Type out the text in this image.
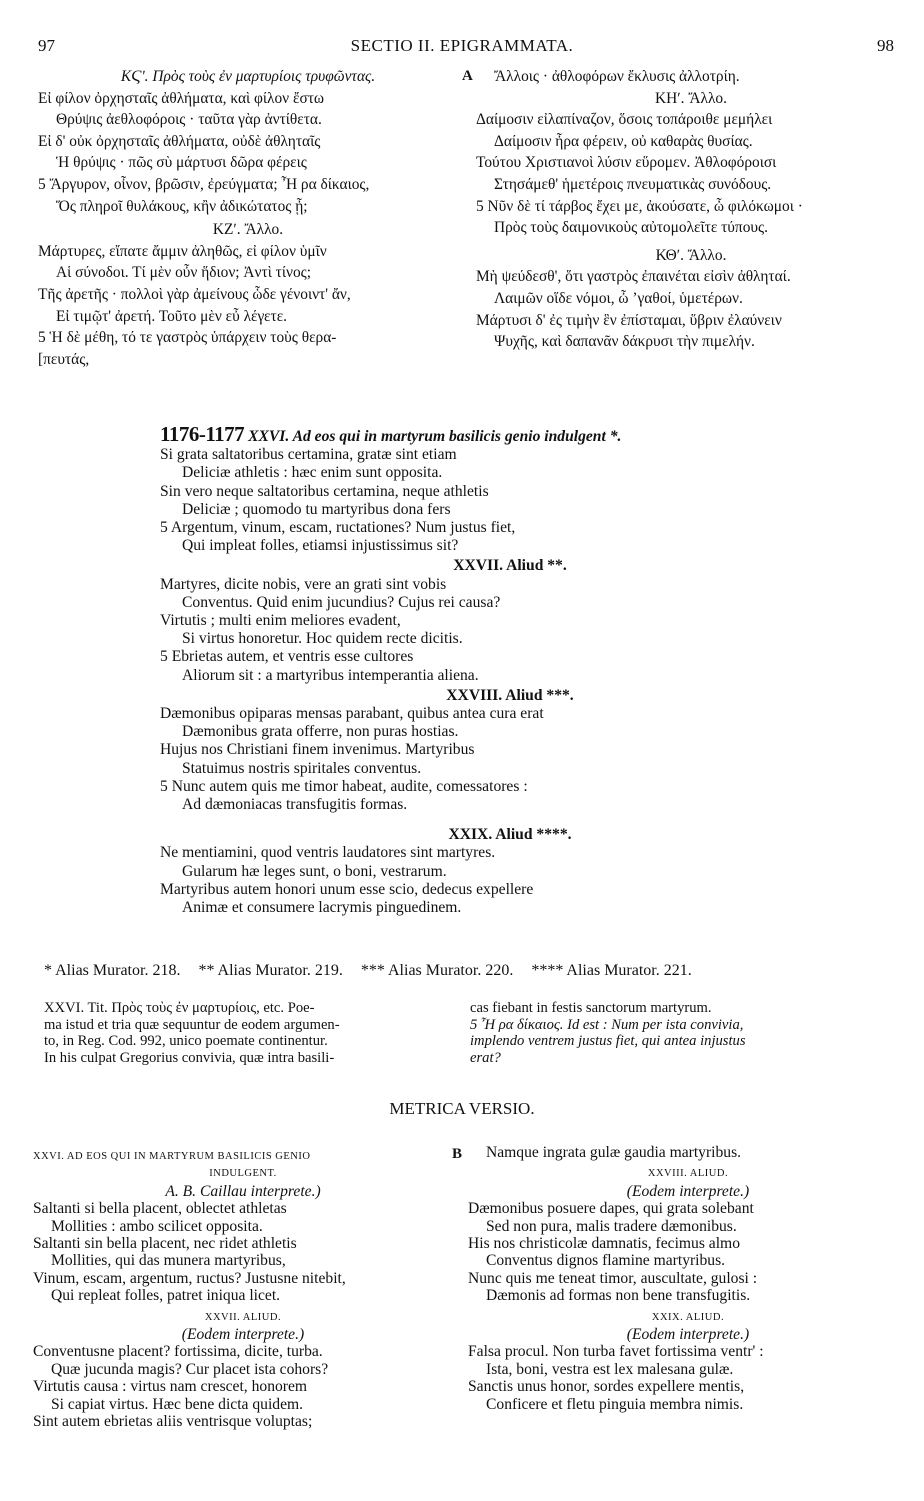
97	SECTIO II. EPIGRAMMATA.	98

ΚϚʹ. Πρὸς τοὺς ἐν μαρτυρίοις τρυφῶντας.

Εἰ φίλον ὀρχησταῖς ἀθλήματα, καὶ φίλον ἔστω

Θρύψις ἀεθλοφόροις · ταῦτα γὰρ ἀντίθετα.

Εἰ δ' οὐκ ὀρχησταῖς ἀθλήματα, οὐδὲ ἀθληταῖς

Ἡ θρύψις · πῶς σὺ μάρτυσι δῶρα φέρεις

5 Ἄργυρον, οἶνον, βρῶσιν, ἐρεύγματα; Ἦ ρα δίκαιος,

Ὅς πληροῖ θυλάκους, κἢν ἀδικώτατος ᾖ;

ΚΖʹ. Ἄλλο.

Μάρτυρες, εἴπατε ἄμμιν ἀληθῶς, εἰ φίλον ὑμῖν

Αἱ σύνοδοι. Τί μὲν οὖν ἥδιον; Ἀντὶ τίνος;

Τῆς ἀρετῆς · πολλοὶ γὰρ ἀμείνους ὧδε γένοιντ' ἄν,

Εἰ τιμῷτ' ἀρετή. Τοῦτο μὲν εὖ λέγετε.

5 Ἡ δὲ μέθη, τό τε γαστρὸς ὑπάρχειν τοὺς θερα-

[πευτάς,

A	Ἄλλοις · ἀθλοφόρων ἔκλυσις ἀλλοτρίη.

ΚΗʹ. Ἄλλο.

Δαίμοσιν εἰλαπίναζον, ὅσοις τοπάροιθε μεμήλει

Δαίμοσιν ἦρα φέρειν, οὐ καθαρὰς θυσίας.

Τούτου Χριστιανοὶ λύσιν εὕρομεν. Ἀθλοφόροισι

Στησάμεθ' ἡμετέροις πνευματικὰς συνόδους.

5 Νῦν δὲ τί τάρβος ἔχει με, ἀκούσατε, ὦ φιλόκωμοι ·

Πρὸς τοὺς δαιμονικοὺς αὐτομολεῖτε τύπους.

ΚΘʹ. Ἄλλο.

Μὴ ψεύδεσθ', ὅτι γαστρὸς ἐπαινέται εἰσὶν ἀθληταί.

Λαιμῶν οἵδε νόμοι, ὦ ʼγαθοί, ὑμετέρων.

Μάρτυσι δ' ἐς τιμὴν ἓν ἐπίσταμαι, ὕβριν ἐλαύνειν

Ψυχῆς, καὶ δαπανᾶν δάκρυσι τὴν πιμελήν.

1176-1177 XXVI. Ad eos qui in martyrum basilicis genio indulgent *.

Si grata saltatoribus certamina, gratæ sint etiam

Deliciæ athletis : hæc enim sunt opposita.

Sin vero neque saltatoribus certamina, neque athletis

Deliciæ ; quomodo tu martyribus dona fers

5 Argentum, vinum, escam, ructationes? Num justus fiet,

Qui impleat folles, etiamsi injustissimus sit?

XXVII. Aliud **.

Martyres, dicite nobis, vere an grati sint vobis

Conventus. Quid enim jucundius? Cujus rei causa?

Virtutis ; multi enim meliores evadent,

Si virtus honoretur. Hoc quidem recte dicitis.

5 Ebrietas autem, et ventris esse cultores

Aliorum sit : a martyribus intemperantia aliena.

XXVIII. Aliud ***.

Dæmonibus opiparas mensas parabant, quibus antea cura erat

Dæmonibus grata offerre, non puras hostias.

Hujus nos Christiani finem invenimus. Martyribus

Statuimus nostris spiritales conventus.

5 Nunc autem quis me timor habeat, audite, comessatores :

Ad dæmoniacas transfugitis formas.

XXIX. Aliud ****.

Ne mentiamini, quod ventris laudatores sint martyres.

Gularum hæ leges sunt, o boni, vestrarum.

Martyribus autem honori unum esse scio, dedecus expellere

Animæ et consumere lacrymis pinguedinem.

* Alias Murator. 218. ** Alias Murator. 219. *** Alias Murator. 220. **** Alias Murator. 221.

XXVI. Tit. Πρὸς τοὺς ἐν μαρτυρίοις, etc. Poe-

ma istud et tria quæ sequuntur de eodem argumen-

to, in Reg. Cod. 992, unico poemate continentur.

In his culpat Gregorius convivia, quæ intra basili-

cas fiebant in festis sanctorum martyrum.

5 Ἦ ρα δίκαιος. Id est : Num per ista convivia,

implendo ventrem justus fiet, qui antea injustus

erat?

METRICA VERSIO.

XXVI. AD EOS QUI IN MARTYRUM BASILICIS GENIO

INDULGENT.

A. B. Caillau interprete.)

Saltanti si bella placent, oblectet athletas

Mollities : ambo scilicet opposita.

Saltanti sin bella placent, nec ridet athletis

Mollities, qui das munera martyribus,

Vinum, escam, argentum, ructus? Justusne nitebit,

Qui repleat folles, patret iniqua licet.

XXVII. ALIUD.

(Eodem interprete.)

Conventusne placent? fortissima, dicite, turba.

Quæ jucunda magis? Cur placet ista cohors?

Virtutis causa : virtus nam crescet, honorem

Si capiat virtus. Hæc bene dicta quidem.

Sint autem ebrietas aliis ventrisque voluptas;

B	Namque ingrata gulæ gaudia martyribus.

XXVIII. ALIUD.

(Eodem interprete.)

Dæmonibus posuere dapes, qui grata solebant

Sed non pura, malis tradere dæmonibus.

His nos christicolæ damnatis, fecimus almo

Conventus dignos flamine martyribus.

Nunc quis me teneat timor, auscultate, gulosi :

Dæmonis ad formas non bene transfugitis.

XXIX. ALIUD.

(Eodem interprete.)

Falsa procul. Non turba favet fortissima ventr' :

Ista, boni, vestra est lex malesana gulæ.

Sanctis unus honor, sordes expellere mentis,

Conficere et fletu pinguia membra nimis.
